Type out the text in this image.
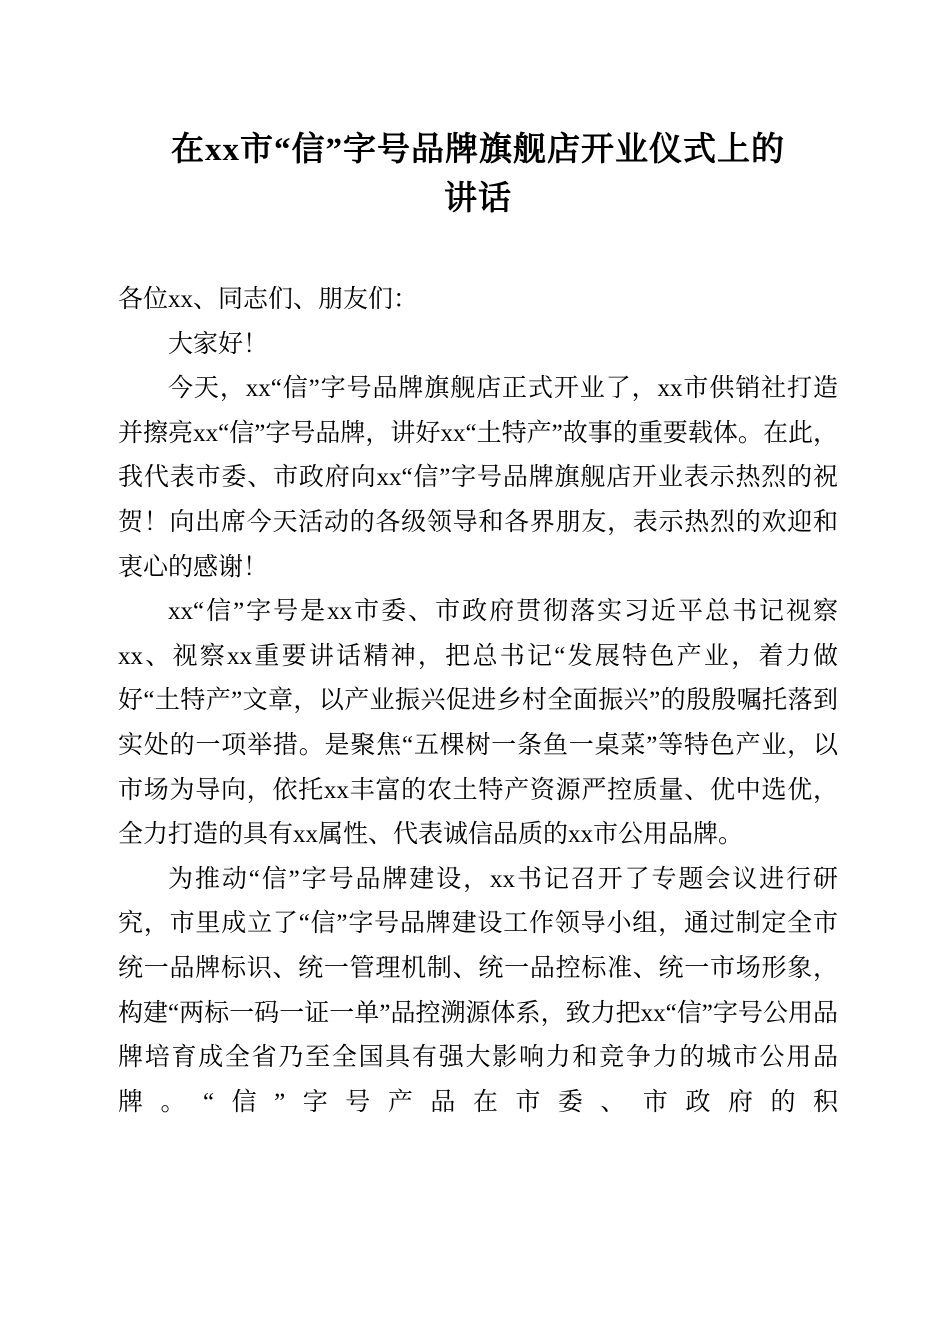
在xx市“信”字号品牌旗舰店开业仪式上的
讲话

各位xx、同志们、朋友们：

大家好！

今天，xx“信”字号品牌旗舰店正式开业了，xx市供销社打造并擦亮xx“信”字号品牌，讲好xx“土特产”故事的重要载体。在此，我代表市委、市政府向xx“信”字号品牌旗舰店开业表示热烈的祝贺！向出席今天活动的各级领导和各界朋友，表示热烈的欢迎和衷心的感谢！

xx“信”字号是xx市委、市政府贯彻落实习近平总书记视察xx、视察xx重要讲话精神，把总书记“发展特色产业，着力做好“土特产”文章，以产业振兴促进乡村全面振兴”的殷殷嘱托落到实处的一项举措。是聚焦“五棵树一条鱼一桌菜”等特色产业，以市场为导向，依托xx丰富的农土特产资源严控质量、优中选优，全力打造的具有xx属性、代表诚信品质的xx市公用品牌。

为推动“信”字号品牌建设，xx书记召开了专题会议进行研究，市里成立了“信”字号品牌建设工作领导小组，通过制定全市统一品牌标识、统一管理机制、统一品控标准、统一市场形象，构建“两标一码一证一单”品控溯源体系，致力把xx“信”字号公用品牌培育成全省乃至全国具有强大影响力和竞争力的城市公用品牌。“信”字号产品在市委、市政府的积
